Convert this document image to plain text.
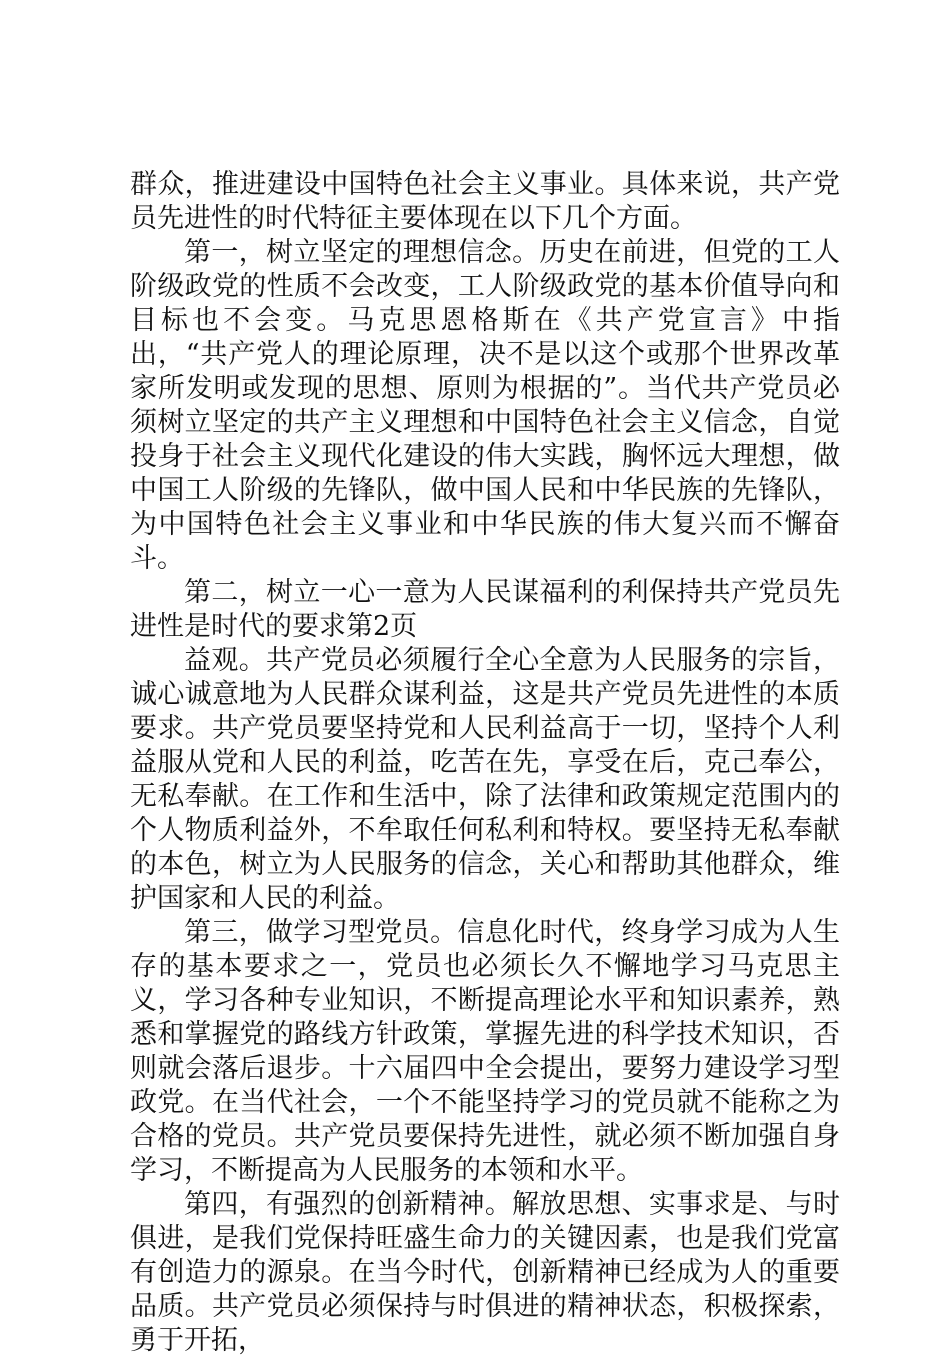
群众，推进建设中国特色社会主义事业。具体来说，共产党员先进性的时代特征主要体现在以下几个方面。

第一，树立坚定的理想信念。历史在前进，但党的工人阶级政党的性质不会改变，工人阶级政党的基本价值导向和目标也不会变。马克思恩格斯在《共产党宣言》中指出，“共产党人的理论原理，决不是以这个或那个世界改革家所发明或发现的思想、原则为根据的”。当代共产党员必须树立坚定的共产主义理想和中国特色社会主义信念，自觉投身于社会主义现代化建设的伟大实践，胸怀远大理想，做中国工人阶级的先锋队，做中国人民和中华民族的先锋队，为中国特色社会主义事业和中华民族的伟大复兴而不懈奋斗。

第二，树立一心一意为人民谋福利的利保持共产党员先进性是时代的要求第2页

益观。共产党员必须履行全心全意为人民服务的宗旨，诚心诚意地为人民群众谋利益，这是共产党员先进性的本质要求。共产党员要坚持党和人民利益高于一切，坚持个人利益服从党和人民的利益，吃苦在先，享受在后，克己奉公，无私奉献。在工作和生活中，除了法律和政策规定范围内的个人物质利益外，不牟取任何私利和特权。要坚持无私奉献的本色，树立为人民服务的信念，关心和帮助其他群众，维护国家和人民的利益。

第三，做学习型党员。信息化时代，终身学习成为人生存的基本要求之一，党员也必须长久不懈地学习马克思主义，学习各种专业知识，不断提高理论水平和知识素养，熟悉和掌握党的路线方针政策，掌握先进的科学技术知识，否则就会落后退步。十六届四中全会提出，要努力建设学习型政党。在当代社会，一个不能坚持学习的党员就不能称之为合格的党员。共产党员要保持先进性，就必须不断加强自身学习，不断提高为人民服务的本领和水平。

第四，有强烈的创新精神。解放思想、实事求是、与时俱进，是我们党保持旺盛生命力的关键因素，也是我们党富有创造力的源泉。在当今时代，创新精神已经成为人的重要品质。共产党员必须保持与时俱进的精神状态，积极探索，勇于开拓，
